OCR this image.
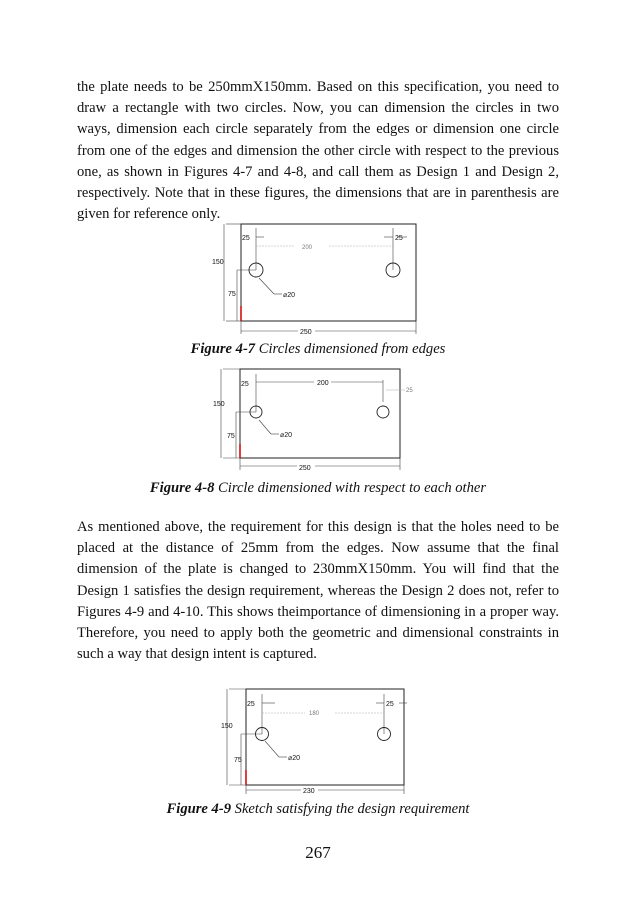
the plate needs to be 250mmX150mm. Based on this specification, you need to draw a rectangle with two circles. Now, you can dimension the circles in two ways, dimension each circle separately from the edges or dimension one circle from one of the edges and dimension the other circle with respect to the previous one, as shown in Figures 4-7 and 4-8, and call them as Design 1 and Design 2, respectively. Note that in these figures, the dimensions that are in parenthesis are given for reference only.

25
200
25
150
75	⌀20
250
Figure 4-7 Circles dimensioned from edges
25	200
25
150
75	⌀20
250
Figure 4-8 Circle dimensioned with respect to each other

As mentioned above, the requirement for this design is that the holes need to be placed at the distance of 25mm from the edges. Now assume that the final dimension of the plate is changed to 230mmX150mm. You will find that the Design 1 satisfies the design requirement, whereas the Design 2 does not, refer to Figures 4-9 and 4-10. This shows theimportance of dimensioning in a proper way. Therefore, you need to apply both the geometric and dimensional constraints in such a way that design intent is captured.

25
180
25
150
75	⌀20
230
Figure 4-9 Sketch satisfying the design requirement
267
